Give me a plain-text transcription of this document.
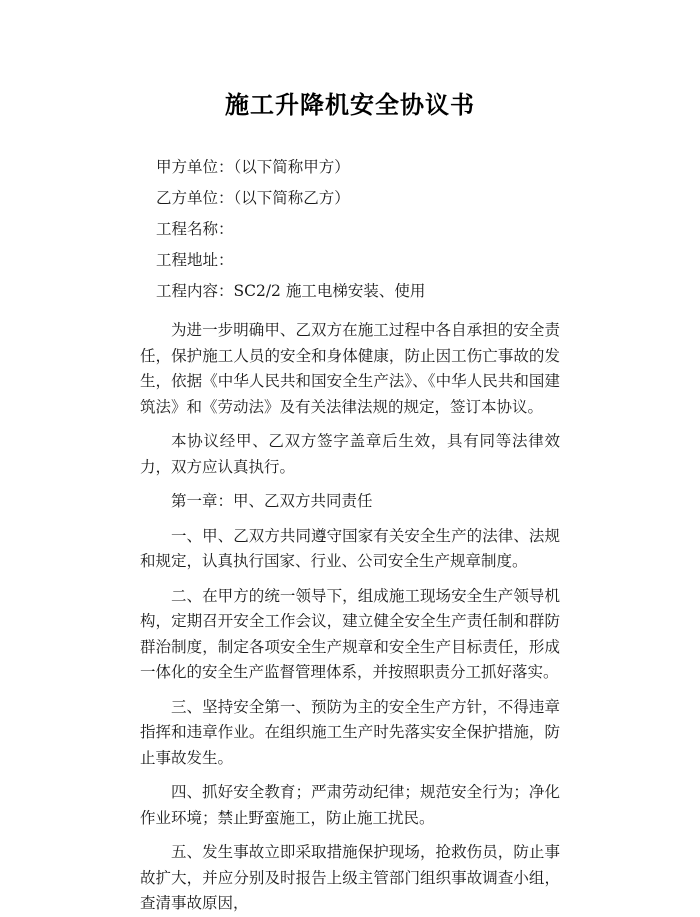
施工升降机安全协议书
甲方单位：（以下简称甲方）
乙方单位：（以下简称乙方）
工程名称：
工程地址：
工程内容：SC2/2 施工电梯安装、使用

为进一步明确甲、乙双方在施工过程中各自承担的安全责任，保护施工人员的安全和身体健康，防止因工伤亡事故的发生，依据《中华人民共和国安全生产法》、《中华人民共和国建筑法》和《劳动法》及有关法律法规的规定，签订本协议。

本协议经甲、乙双方签字盖章后生效，具有同等法律效力，双方应认真执行。

第一章：甲、乙双方共同责任

一、甲、乙双方共同遵守国家有关安全生产的法律、法规和规定，认真执行国家、行业、公司安全生产规章制度。

二、在甲方的统一领导下，组成施工现场安全生产领导机构，定期召开安全工作会议，建立健全安全生产责任制和群防群治制度，制定各项安全生产规章和安全生产目标责任，形成一体化的安全生产监督管理体系，并按照职责分工抓好落实。

三、坚持安全第一、预防为主的安全生产方针，不得违章指挥和违章作业。在组织施工生产时先落实安全保护措施，防止事故发生。

四、抓好安全教育；严肃劳动纪律；规范安全行为；净化作业环境；禁止野蛮施工，防止施工扰民。

五、发生事故立即采取措施保护现场，抢救伤员，防止事故扩大，并应分别及时报告上级主管部门组织事故调查小组，查清事故原因，
